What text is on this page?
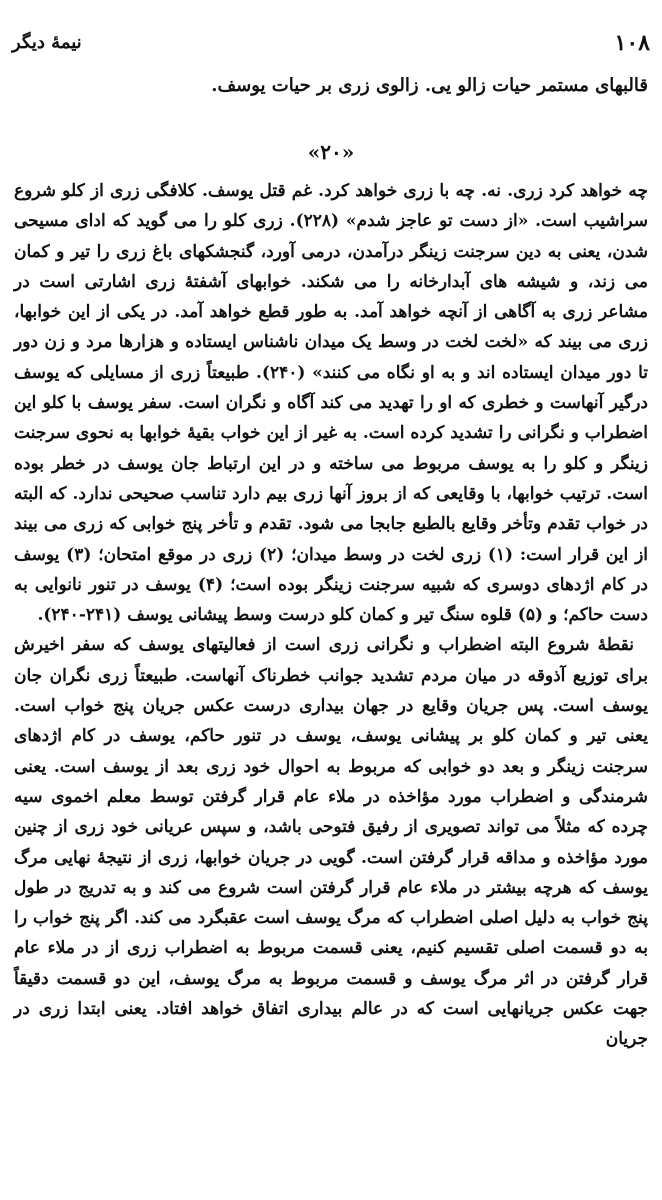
۱۰۸
نیمهٔ دیگر
قالبهای مستمر حیات زالو یی. زالوی زری بر حیات یوسف.
«۲۰»

چه خواهد کرد زری. نه. چه با زری خواهد کرد. غم قتل یوسف. کلافگی زری از کلو شروع سراشیب است. «از دست تو عاجز شدم» (۲۲۸). زری کلو را می گوید که ادای مسیحی شدن، یعنی به دین سرجنت زینگر درآمدن، درمی آورد، گنجشکهای باغ زری را تیر و کمان می زند، و شیشه های آبدارخانه را می شکند. خوابهای آشفتهٔ زری اشارتی است در مشاعر زری به آگاهی از آنچه خواهد آمد. به طور قطع خواهد آمد. در یکی از این خوابها، زری می بیند که «لخت لخت در وسط یک میدان ناشناس ایستاده و هزارها مرد و زن دور تا دور میدان ایستاده اند و به او نگاه می کنند» (۲۴۰). طبیعتاً زری از مسایلی که یوسف درگیر آنهاست و خطری که او را تهدید می کند آگاه و نگران است. سفر یوسف با کلو این اضطراب و نگرانی را تشدید کرده است. به غیر از این خواب بقیهٔ خوابها به نحوی سرجنت زینگر و کلو را به یوسف مربوط می ساخته و در این ارتباط جان یوسف در خطر بوده است. ترتیب خوابها، با وقایعی که از بروز آنها زری بیم دارد تناسب صحیحی ندارد. که البته در خواب تقدم وتأخر وقایع بالطبع جابجا می شود. تقدم و تأخر پنج خوابی که زری می بیند از این قرار است: (۱) زری لخت در وسط میدان؛ (۲) زری در موقع امتحان؛ (۳) یوسف در کام اژدهای دوسری که شبیه سرجنت زینگر بوده است؛ (۴) یوسف در تنور نانوایی به دست حاکم؛ و (۵) قلوه سنگ تیر و کمان کلو درست وسط پیشانی یوسف (۲۴۱-۲۴۰).

نقطهٔ شروع البته اضطراب و نگرانی زری است از فعالیتهای یوسف که سفر اخیرش برای توزیع آذوقه در میان مردم تشدید جوانب خطرناک آنهاست. طبیعتاً زری نگران جان یوسف است. پس جریان وقایع در جهان بیداری درست عکس جریان پنج خواب است. یعنی تیر و کمان کلو بر پیشانی یوسف، یوسف در تنور حاکم، یوسف در کام اژدهای سرجنت زینگر و بعد دو خوابی که مربوط به احوال خود زری بعد از یوسف است. یعنی شرمندگی و اضطراب مورد مؤاخذه در ملاء عام قرار گرفتن توسط معلم اخموی سیه چرده که مثلاً می تواند تصویری از رفیق فتوحی باشد، و سپس عریانی خود زری از چنین مورد مؤاخذه و مداقه قرار گرفتن است. گویی در جریان خوابها، زری از نتیجهٔ نهایی مرگ یوسف که هرچه بیشتر در ملاء عام قرار گرفتن است شروع می کند و به تدریج در طول پنج خواب به دلیل اصلی اضطراب که مرگ یوسف است عقبگرد می کند. اگر پنج خواب را به دو قسمت اصلی تقسیم کنیم، یعنی قسمت مربوط به اضطراب زری از در ملاء عام قرار گرفتن در اثر مرگ یوسف و قسمت مربوط به مرگ یوسف، این دو قسمت دقیقاً جهت عکس جریانهایی است که در عالم بیداری اتفاق خواهد افتاد. یعنی ابتدا زری در جریان
